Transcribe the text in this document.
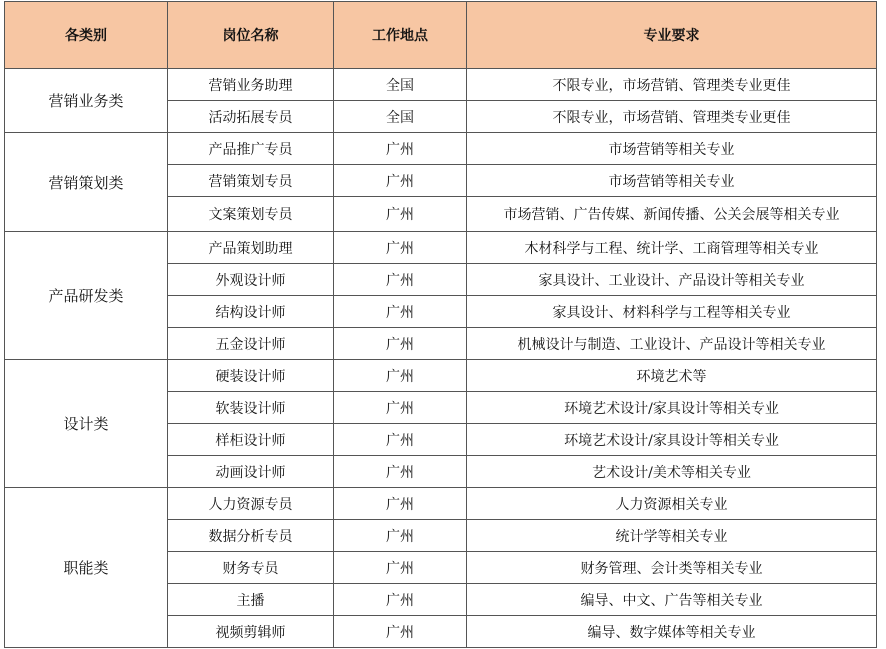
各类别	岗位名称	工作地点	专业要求
营销业务类	营销业务助理	全国	不限专业，市场营销、管理类专业更佳
	活动拓展专员	全国	不限专业，市场营销、管理类专业更佳
营销策划类	产品推广专员	广州	市场营销等相关专业
	营销策划专员	广州	市场营销等相关专业
	文案策划专员	广州	市场营销、广告传媒、新闻传播、公关会展等相关专业
产品研发类	产品策划助理	广州	木材科学与工程、统计学、工商管理等相关专业
	外观设计师	广州	家具设计、工业设计、产品设计等相关专业
	结构设计师	广州	家具设计、材料科学与工程等相关专业
	五金设计师	广州	机械设计与制造、工业设计、产品设计等相关专业
设计类	硬装设计师	广州	环境艺术等
	软装设计师	广州	环境艺术设计/家具设计等相关专业
	样柜设计师	广州	环境艺术设计/家具设计等相关专业
	动画设计师	广州	艺术设计/美术等相关专业
职能类	人力资源专员	广州	人力资源相关专业
	数据分析专员	广州	统计学等相关专业
	财务专员	广州	财务管理、会计类等相关专业
	主播	广州	编导、中文、广告等相关专业
	视频剪辑师	广州	编导、数字媒体等相关专业
